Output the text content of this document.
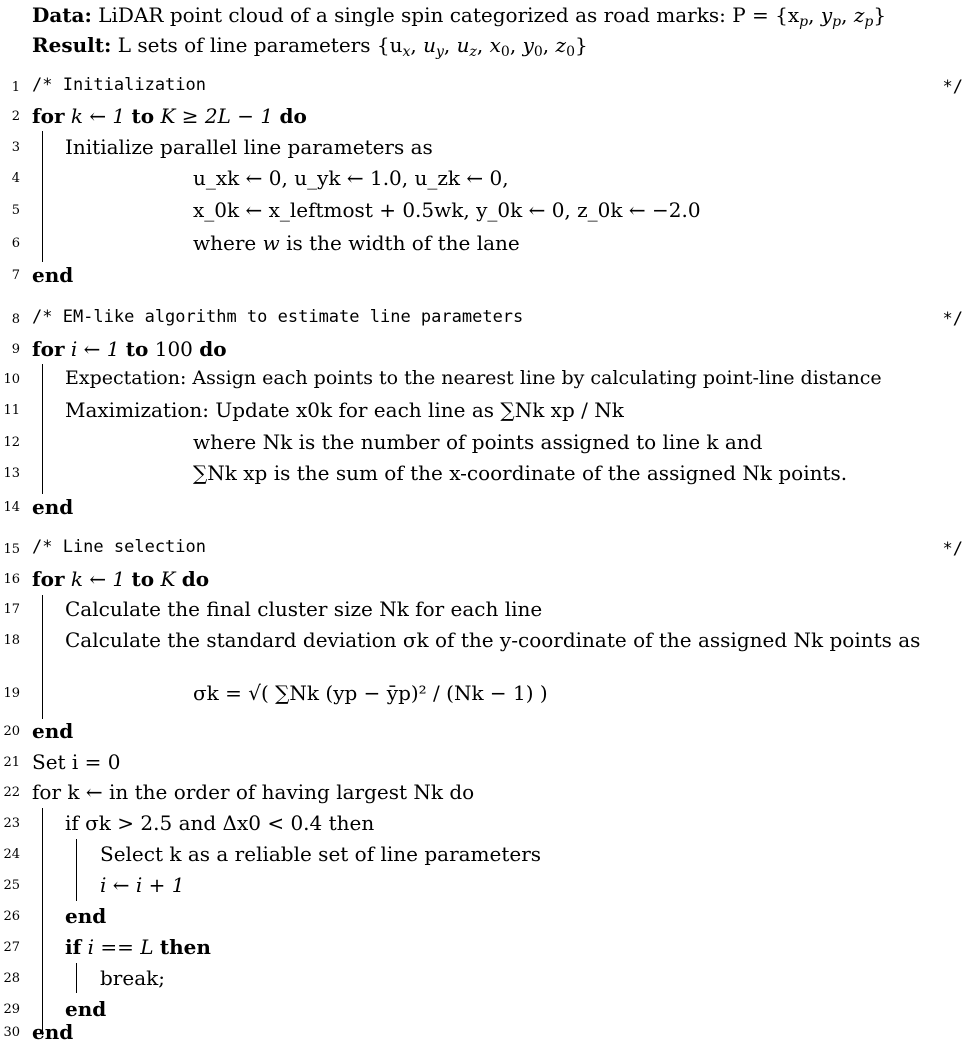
Data: LiDAR point cloud of a single spin categorized as road marks: $P = \{x_p$, $y_p$, $z_p$}
Result: L sets of line parameters {$u_x$, $u_y$, $u_z$, $x_0$, $y_0$, $z_0$}
1 /* Initialization	*/
2 for k ← 1 to K ≥ 2L − 1 do
3 Initialize parallel line parameters as
4	u_xk ← 0, u_yk ← 1.0, u_zk ← 0,
5	x_0k ← x_leftmost + 0.5wk, y_0k ← 0, z_0k ← −2.0
6	where w is the width of the lane
7 end
8 /* EM-like algorithm to estimate line parameters	*/
9 for i ← 1 to 100 do
10 Expectation: Assign each points to the nearest line by calculating point-line distance
11 Maximization: Update x0k for each line as ∑Nk xp / Nk
12	where Nk is the number of points assigned to line k and
13	∑Nk xp is the sum of the x-coordinate of the assigned Nk points.
14 end
15 /* Line selection	*/
16 for k ← 1 to K do
17 Calculate the final cluster size Nk for each line
18 Calculate the standard deviation σk of the y-coordinate of the assigned Nk points as
19	σk = √( ∑Nk (yp − ȳp)² / (Nk − 1) )
20 end
21 Set i = 0
22 for k ← in the order of having largest Nk do
23 if σk > 2.5 and Δx0 < 0.4 then
24	Select k as a reliable set of line parameters
25	i ← i + 1
26 end
27 if i == L then
28	break;
29 end
30 end
